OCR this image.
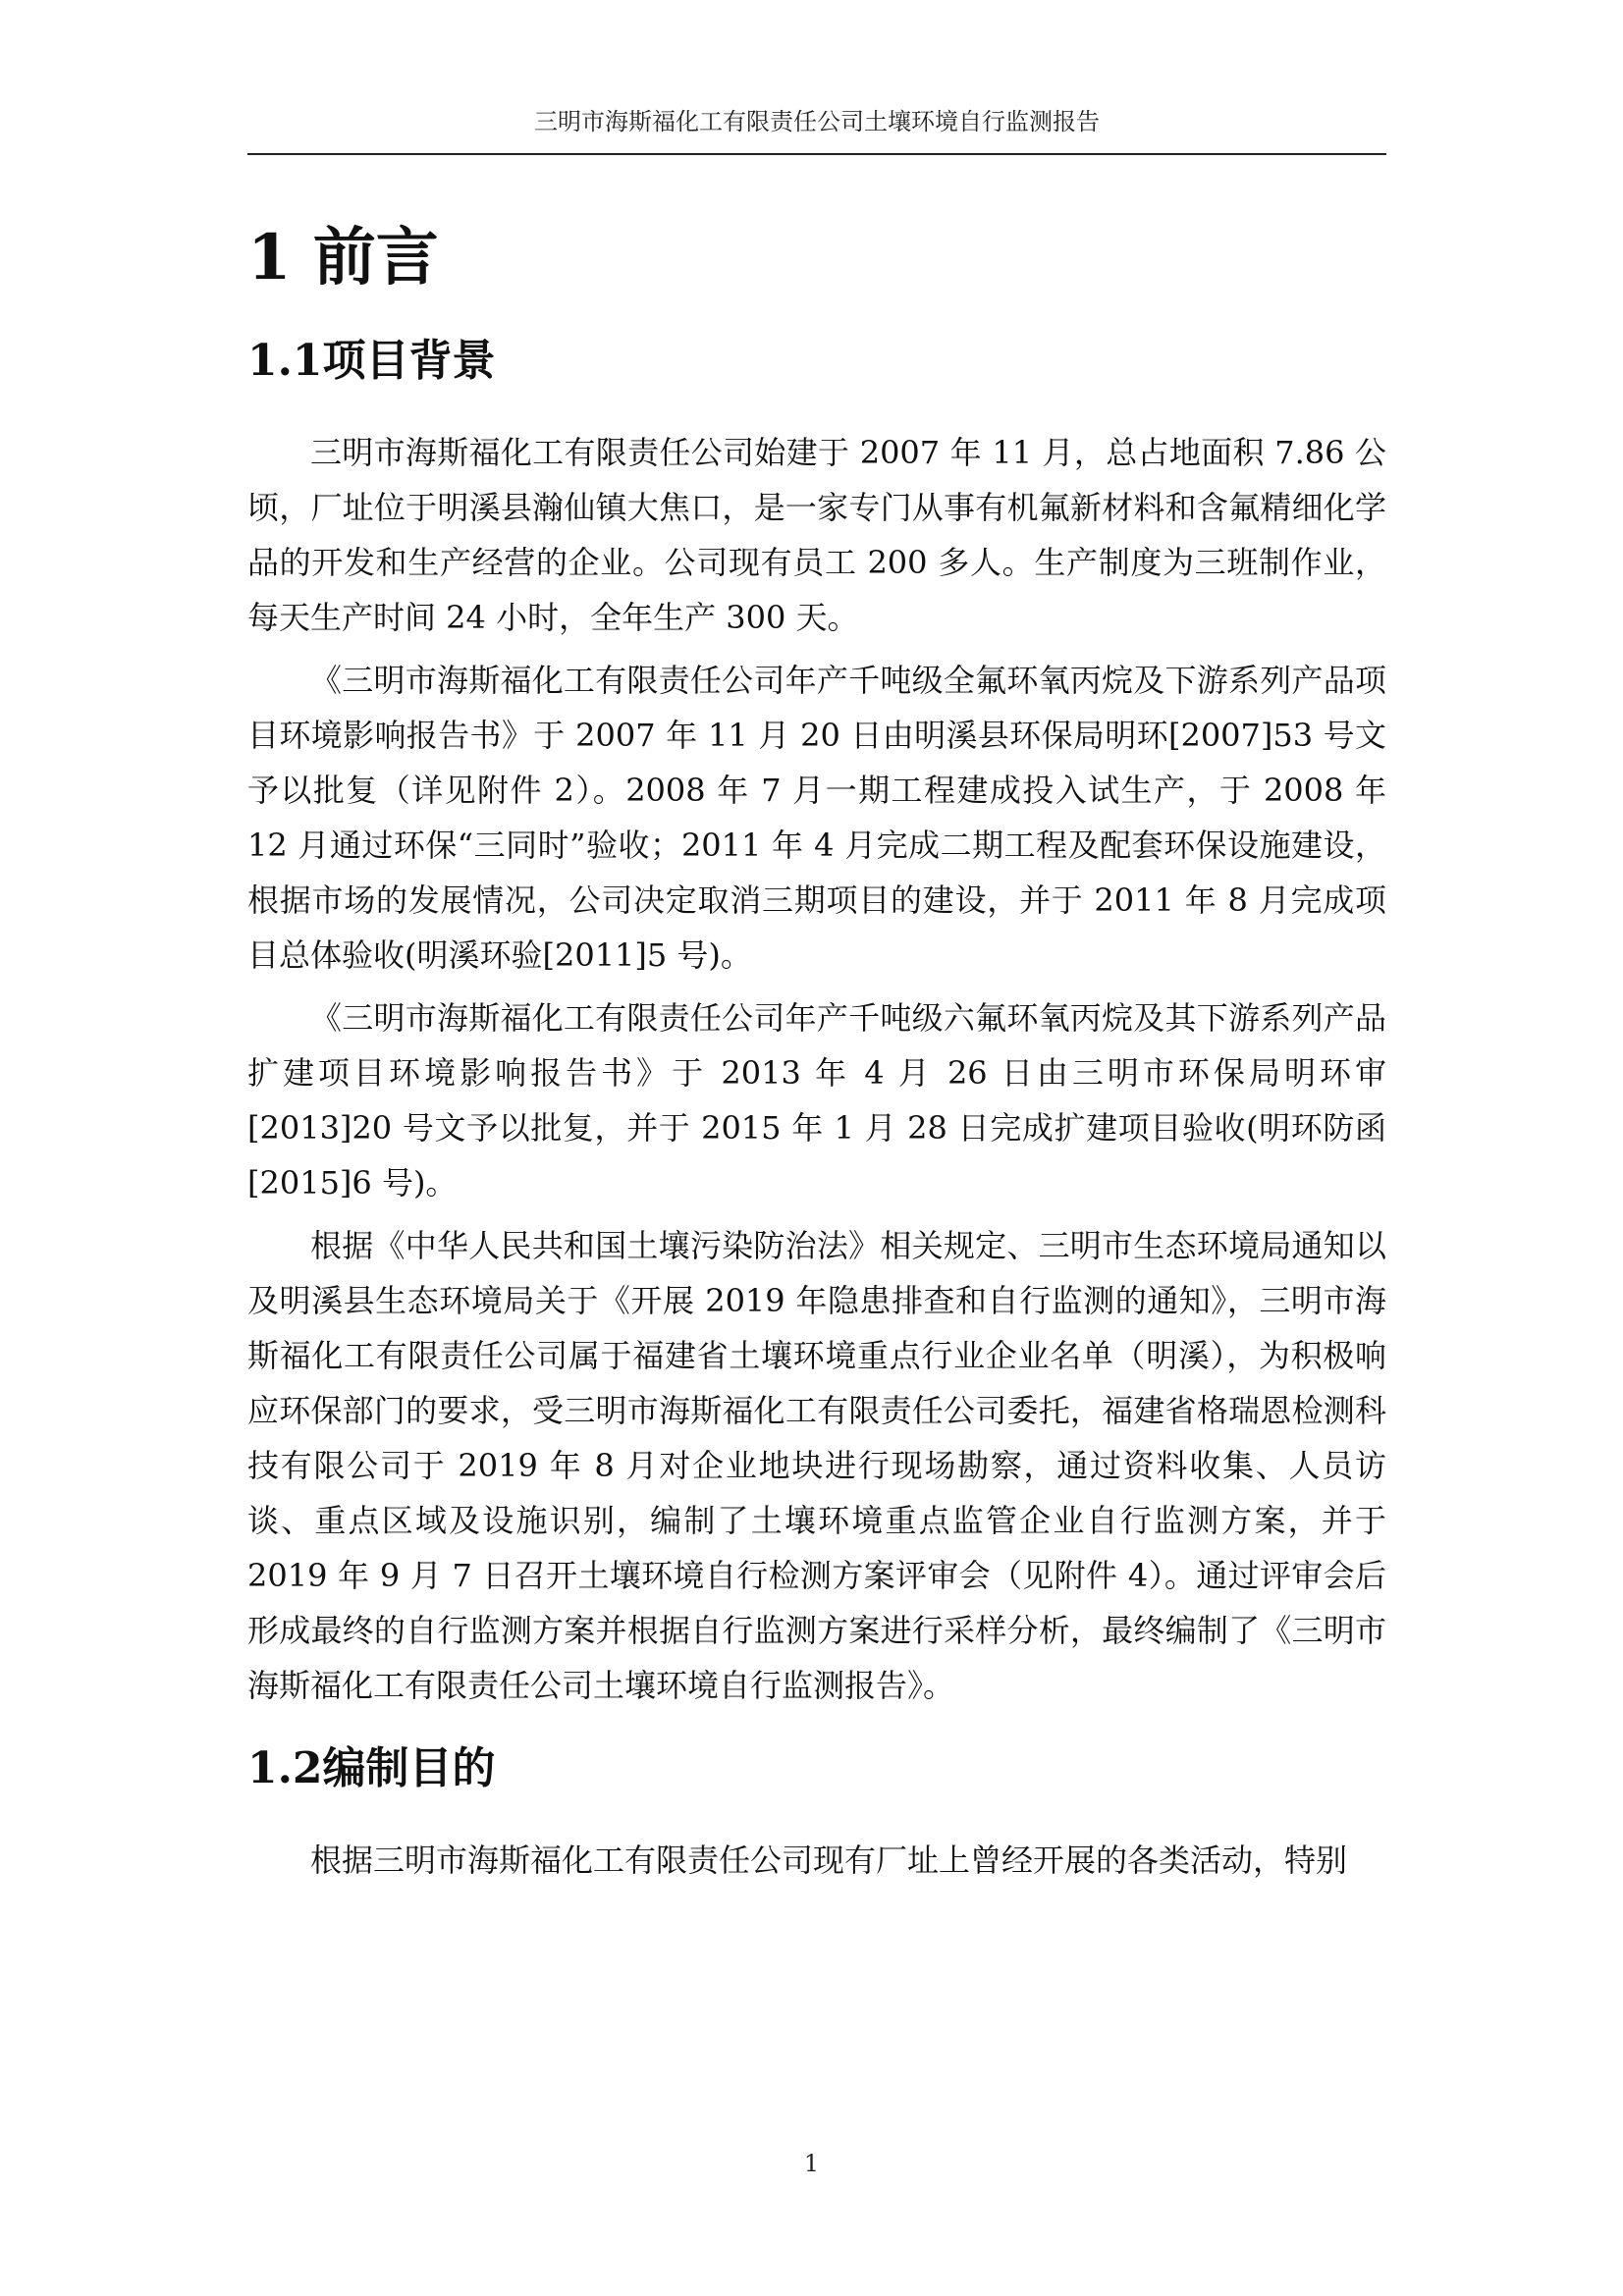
三明市海斯福化工有限责任公司土壤环境自行监测报告
1 前言
1.1项目背景

三明市海斯福化工有限责任公司始建于 2007 年 11 月，总占地面积 7.86 公顷，厂址位于明溪县瀚仙镇大焦口，是一家专门从事有机氟新材料和含氟精细化学品的开发和生产经营的企业。公司现有员工 200 多人。生产制度为三班制作业，每天生产时间 24 小时，全年生产 300 天。

《三明市海斯福化工有限责任公司年产千吨级全氟环氧丙烷及下游系列产品项目环境影响报告书》于 2007 年 11 月 20 日由明溪县环保局明环[2007]53 号文予以批复（详见附件 2）。2008 年 7 月一期工程建成投入试生产，于 2008 年 12 月通过环保“三同时”验收；2011 年 4 月完成二期工程及配套环保设施建设，根据市场的发展情况，公司决定取消三期项目的建设，并于 2011 年 8 月完成项目总体验收(明溪环验[2011]5 号)。

《三明市海斯福化工有限责任公司年产千吨级六氟环氧丙烷及其下游系列产品扩建项目环境影响报告书》于 2013 年 4 月 26 日由三明市环保局明环审[2013]20 号文予以批复，并于 2015 年 1 月 28 日完成扩建项目验收(明环防函[2015]6 号)。

根据《中华人民共和国土壤污染防治法》相关规定、三明市生态环境局通知以及明溪县生态环境局关于《开展 2019 年隐患排查和自行监测的通知》，三明市海斯福化工有限责任公司属于福建省土壤环境重点行业企业名单（明溪），为积极响应环保部门的要求，受三明市海斯福化工有限责任公司委托，福建省格瑞恩检测科技有限公司于 2019 年 8 月对企业地块进行现场勘察，通过资料收集、人员访谈、重点区域及设施识别，编制了土壤环境重点监管企业自行监测方案，并于 2019 年 9 月 7 日召开土壤环境自行检测方案评审会（见附件 4）。通过评审会后形成最终的自行监测方案并根据自行监测方案进行采样分析，最终编制了《三明市海斯福化工有限责任公司土壤环境自行监测报告》。

1.2编制目的

根据三明市海斯福化工有限责任公司现有厂址上曾经开展的各类活动，特别

1
